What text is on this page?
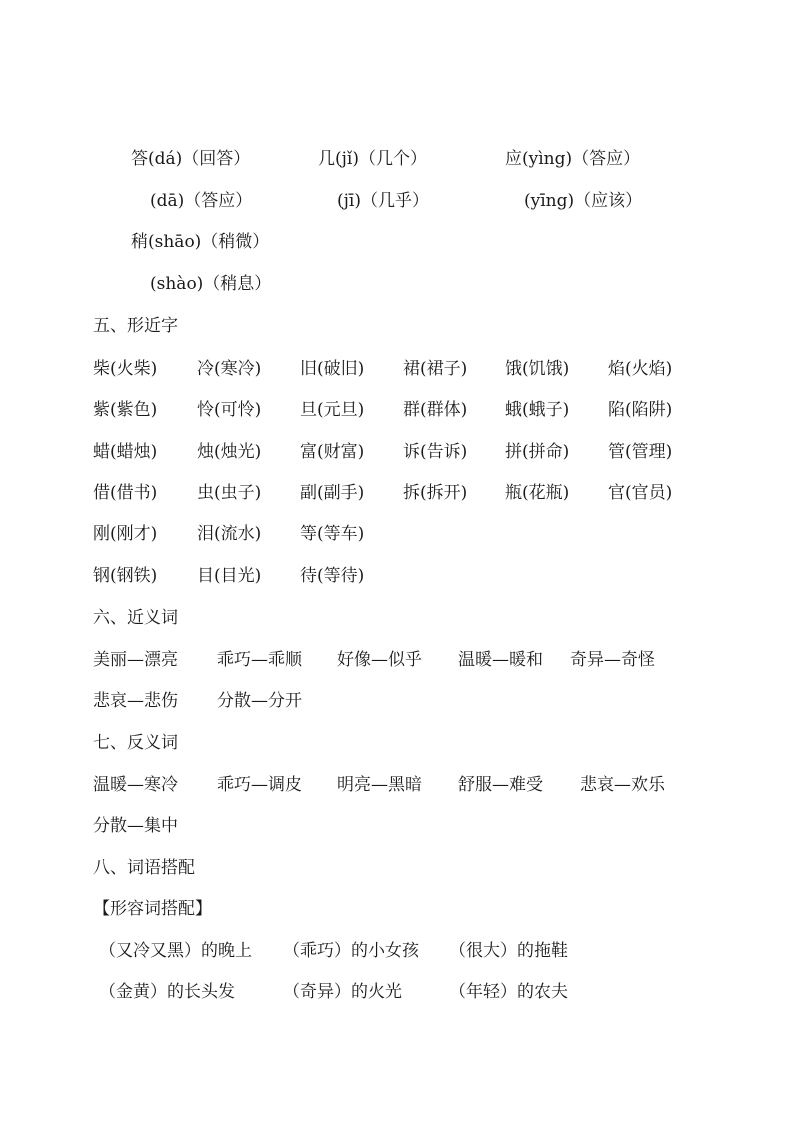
答(dá)（回答）	几(jǐ)（几个）	应(yìng)（答应）
(dā)（答应）	(jī)（几乎）	(yīng)（应该）
稍(shāo)（稍微）
(shào)（稍息）
五、形近字
柴(火柴) 冷(寒冷) 旧(破旧) 裙(裙子) 饿(饥饿) 焰(火焰)
紫(紫色) 怜(可怜) 旦(元旦) 群(群体) 蛾(蛾子) 陷(陷阱)
蜡(蜡烛) 烛(烛光) 富(财富) 诉(告诉) 拼(拼命) 管(管理)
借(借书) 虫(虫子) 副(副手) 拆(拆开) 瓶(花瓶) 官(官员)
刚(刚才) 泪(流水) 等(等车)
钢(钢铁) 目(目光) 待(等待)
六、近义词
美丽—漂亮 乖巧—乖顺 好像—似乎 温暖—暖和 奇异—奇怪
悲哀—悲伤 分散—分开
七、反义词
温暖—寒冷 乖巧—调皮 明亮—黑暗 舒服—难受 悲哀—欢乐
分散—集中
八、词语搭配
【形容词搭配】
（又冷又黑）的晚上 （乖巧）的小女孩 （很大）的拖鞋
（金黄）的长头发	（奇异）的火光	（年轻）的农夫
